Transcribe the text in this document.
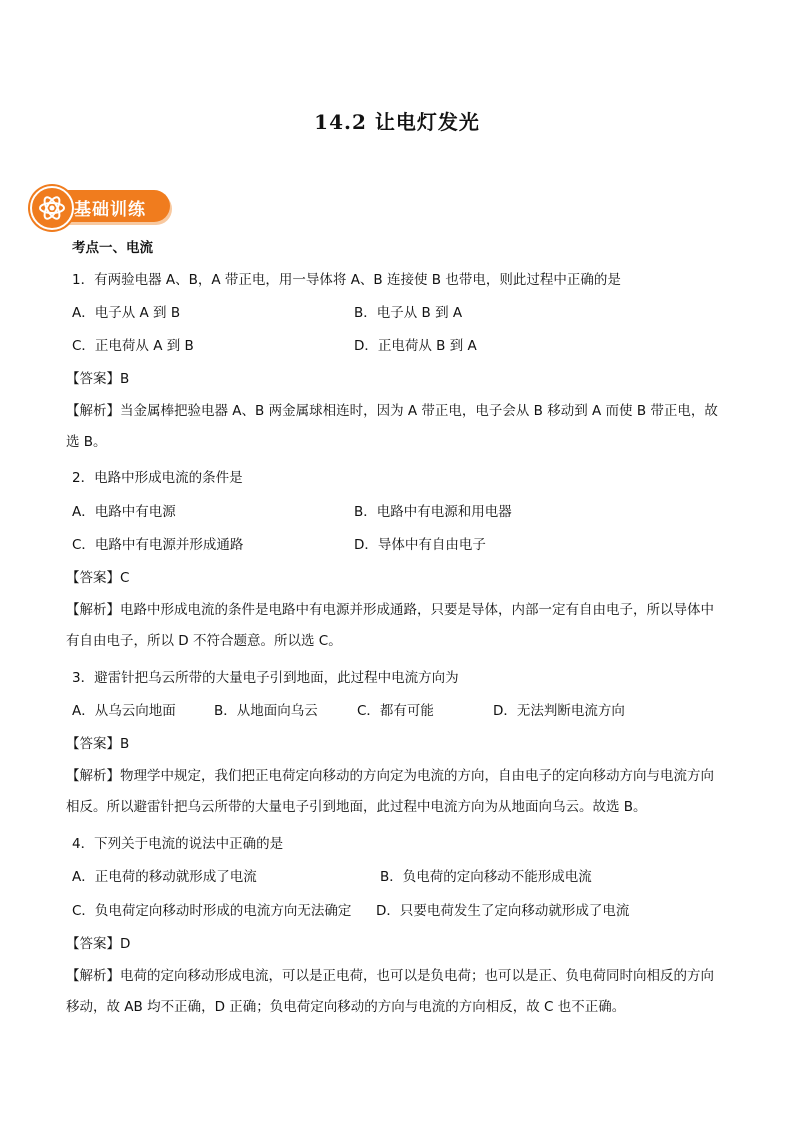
14.2 让电灯发光
基础训练
考点一、电流
1．有两验电器 A、B，A 带正电，用一导体将 A、B 连接使 B 也带电，则此过程中正确的是
A．电子从 A 到 B	B．电子从 B 到 A
C．正电荷从 A 到 B	D．正电荷从 B 到 A
【答案】B
【解析】当金属棒把验电器 A、B 两金属球相连时，因为 A 带正电，电子会从 B 移动到 A 而使 B 带正电，故选 B。
2．电路中形成电流的条件是
A．电路中有电源	B．电路中有电源和用电器
C．电路中有电源并形成通路	D．导体中有自由电子
【答案】C
【解析】电路中形成电流的条件是电路中有电源并形成通路，只要是导体，内部一定有自由电子，所以导体中有自由电子，所以 D 不符合题意。所以选 C。
3．避雷针把乌云所带的大量电子引到地面，此过程中电流方向为
A．从乌云向地面	B．从地面向乌云	C．都有可能	D．无法判断电流方向
【答案】B
【解析】物理学中规定，我们把正电荷定向移动的方向定为电流的方向，自由电子的定向移动方向与电流方向相反。所以避雷针把乌云所带的大量电子引到地面，此过程中电流方向为从地面向乌云。故选 B。
4．下列关于电流的说法中正确的是
A．正电荷的移动就形成了电流	B．负电荷的定向移动不能形成电流
C．负电荷定向移动时形成的电流方向无法确定 D．只要电荷发生了定向移动就形成了电流
【答案】D
【解析】电荷的定向移动形成电流，可以是正电荷，也可以是负电荷；也可以是正、负电荷同时向相反的方向移动，故 AB 均不正确，D 正确；负电荷定向移动的方向与电流的方向相反，故 C 也不正确。
